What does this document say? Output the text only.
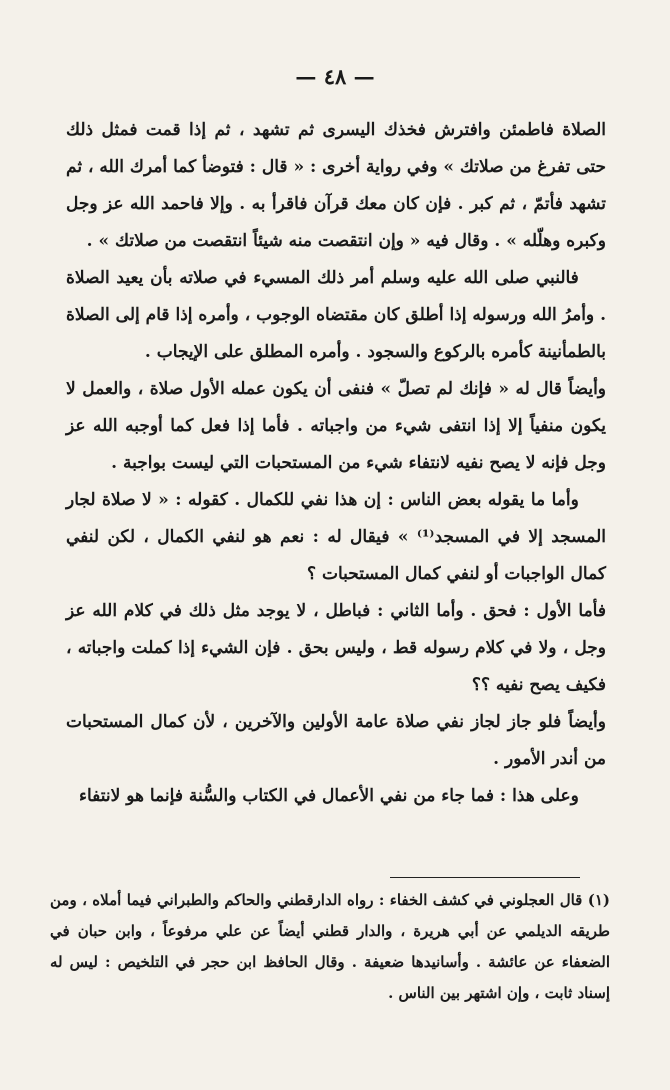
— ٤٨ —

الصلاة فاطمئن وافترش فخذك اليسرى ثم تشهد ، ثم إذا قمت فمثل ذلك حتى تفرغ من صلاتك » وفي رواية أخرى : « قال : فتوضأ كما أمرك الله ، ثم تشهد فأتمّ ، ثم كبر . فإن كان معك قرآن فاقرأ به . وإلا فاحمد الله عز وجل وكبره وهلّله » . وقال فيه « وإن انتقصت منه شيئاً انتقصت من صلاتك » .

فالنبي صلى الله عليه وسلم أمر ذلك المسيء في صلاته بأن يعيد الصلاة . وأمرُ الله ورسوله إذا أطلق كان مقتضاه الوجوب ، وأمره إذا قام إلى الصلاة بالطمأنينة كأمره بالركوع والسجود . وأمره المطلق على الإيجاب .

وأيضاً قال له « فإنك لم تصلّ » فنفى أن يكون عمله الأول صلاة ، والعمل لا يكون منفياً إلا إذا انتفى شيء من واجباته . فأما إذا فعل كما أوجبه الله عز وجل فإنه لا يصح نفيه لانتفاء شيء من المستحبات التي ليست بواجبة .

وأما ما يقوله بعض الناس : إن هذا نفي للكمال . كقوله : « لا صلاة لجار المسجد إلا في المسجد⁽¹⁾ » فيقال له : نعم هو لنفي الكمال ، لكن لنفي كمال الواجبات أو لنفي كمال المستحبات ؟

فأما الأول : فحق . وأما الثاني : فباطل ، لا يوجد مثل ذلك في كلام الله عز وجل ، ولا في كلام رسوله قط ، وليس بحق . فإن الشيء إذا كملت واجباته ، فكيف يصح نفيه ؟؟

وأيضاً فلو جاز لجاز نفي صلاة عامة الأولين والآخرين ، لأن كمال المستحبات من أندر الأمور .

وعلى هذا : فما جاء من نفي الأعمال في الكتاب والسُّنة فإنما هو لانتفاء

(١) قال العجلوني في كشف الخفاء : رواه الدارقطني والحاكم والطبراني فيما أملاه ، ومن طريقه الديلمي عن أبي هريرة ، والدار قطني أيضاً عن علي مرفوعاً ، وابن حبان في الضعفاء عن عائشة . وأسانيدها ضعيفة . وقال الحافظ ابن حجر في التلخيص : ليس له إسناد ثابت ، وإن اشتهر بين الناس .
